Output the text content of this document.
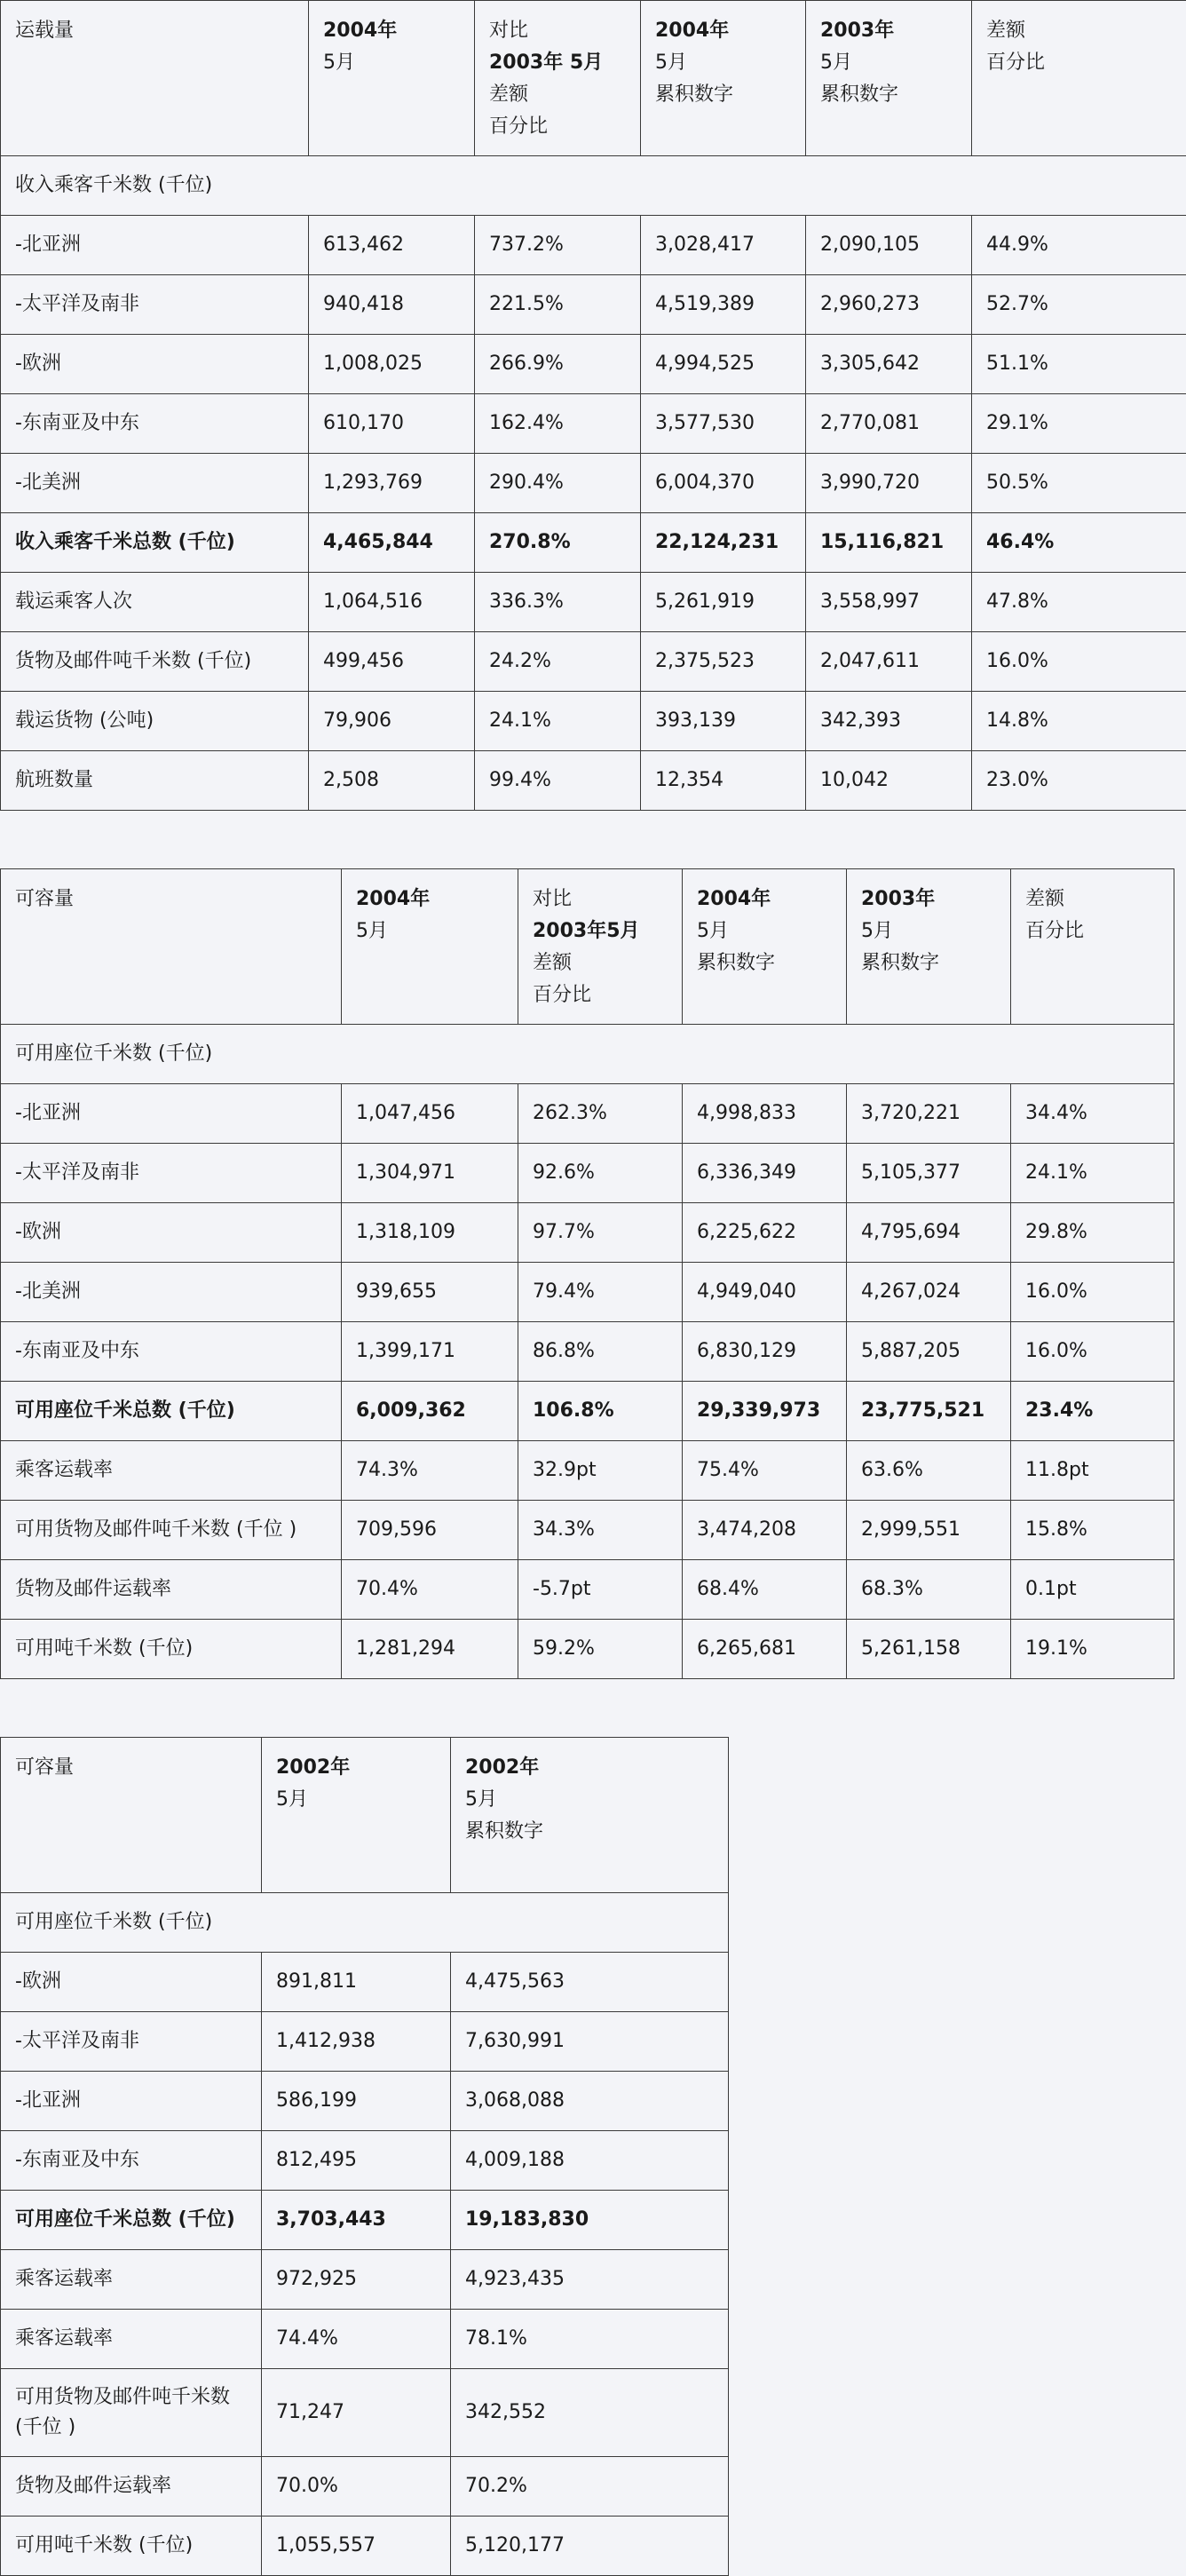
运载量	2004年
5月	对比
2003年 5月
差额
百分比	2004年
5月
累积数字	2003年
5月
累积数字	差额
百分比

收入乘客千米数 (千位)					
-北亚洲	613,462	737.2%	3,028,417	2,090,105	44.9%
-太平洋及南非	940,418	221.5%	4,519,389	2,960,273	52.7%
-欧洲	1,008,025	266.9%	4,994,525	3,305,642	51.1%
-东南亚及中东	610,170	162.4%	3,577,530	2,770,081	29.1%
-北美洲	1,293,769	290.4%	6,004,370	3,990,720	50.5%
收入乘客千米总数 (千位)	4,465,844	270.8%	22,124,231	15,116,821	46.4%
载运乘客人次	1,064,516	336.3%	5,261,919	3,558,997	47.8%
货物及邮件吨千米数 (千位)	499,456	24.2%	2,375,523	2,047,611	16.0%
载运货物 (公吨)	79,906	24.1%	393,139	342,393	14.8%
航班数量	2,508	99.4%	12,354	10,042	23.0%
可容量	2004年
5月	对比
2003年5月
差额
百分比	2004年
5月
累积数字	2003年
5月
累积数字	差额
百分比

可用座位千米数 (千位)					
-北亚洲	1,047,456	262.3%	4,998,833	3,720,221	34.4%
-太平洋及南非	1,304,971	92.6%	6,336,349	5,105,377	24.1%
-欧洲	1,318,109	97.7%	6,225,622	4,795,694	29.8%
-北美洲	939,655	79.4%	4,949,040	4,267,024	16.0%
-东南亚及中东	1,399,171	86.8%	6,830,129	5,887,205	16.0%
可用座位千米总数 (千位)	6,009,362	106.8%	29,339,973	23,775,521	23.4%
乘客运载率	74.3%	32.9pt	75.4%	63.6%	11.8pt
可用货物及邮件吨千米数 (千位 )	709,596	34.3%	3,474,208	2,999,551	15.8%
货物及邮件运载率	70.4%	-5.7pt	68.4%	68.3%	0.1pt
可用吨千米数 (千位)	1,281,294	59.2%	6,265,681	5,261,158	19.1%
可容量	2002年
5月	2002年
5月
累积数字

可用座位千米数 (千位)		
-欧洲	891,811	4,475,563
-太平洋及南非	1,412,938	7,630,991
-北亚洲	586,199	3,068,088
-东南亚及中东	812,495	4,009,188
可用座位千米总数 (千位)	3,703,443	19,183,830
乘客运载率	972,925	4,923,435
乘客运载率	74.4%	78.1%
可用货物及邮件吨千米数 (千位 )	71,247	342,552
货物及邮件运载率	70.0%	70.2%
可用吨千米数 (千位)	1,055,557	5,120,177
